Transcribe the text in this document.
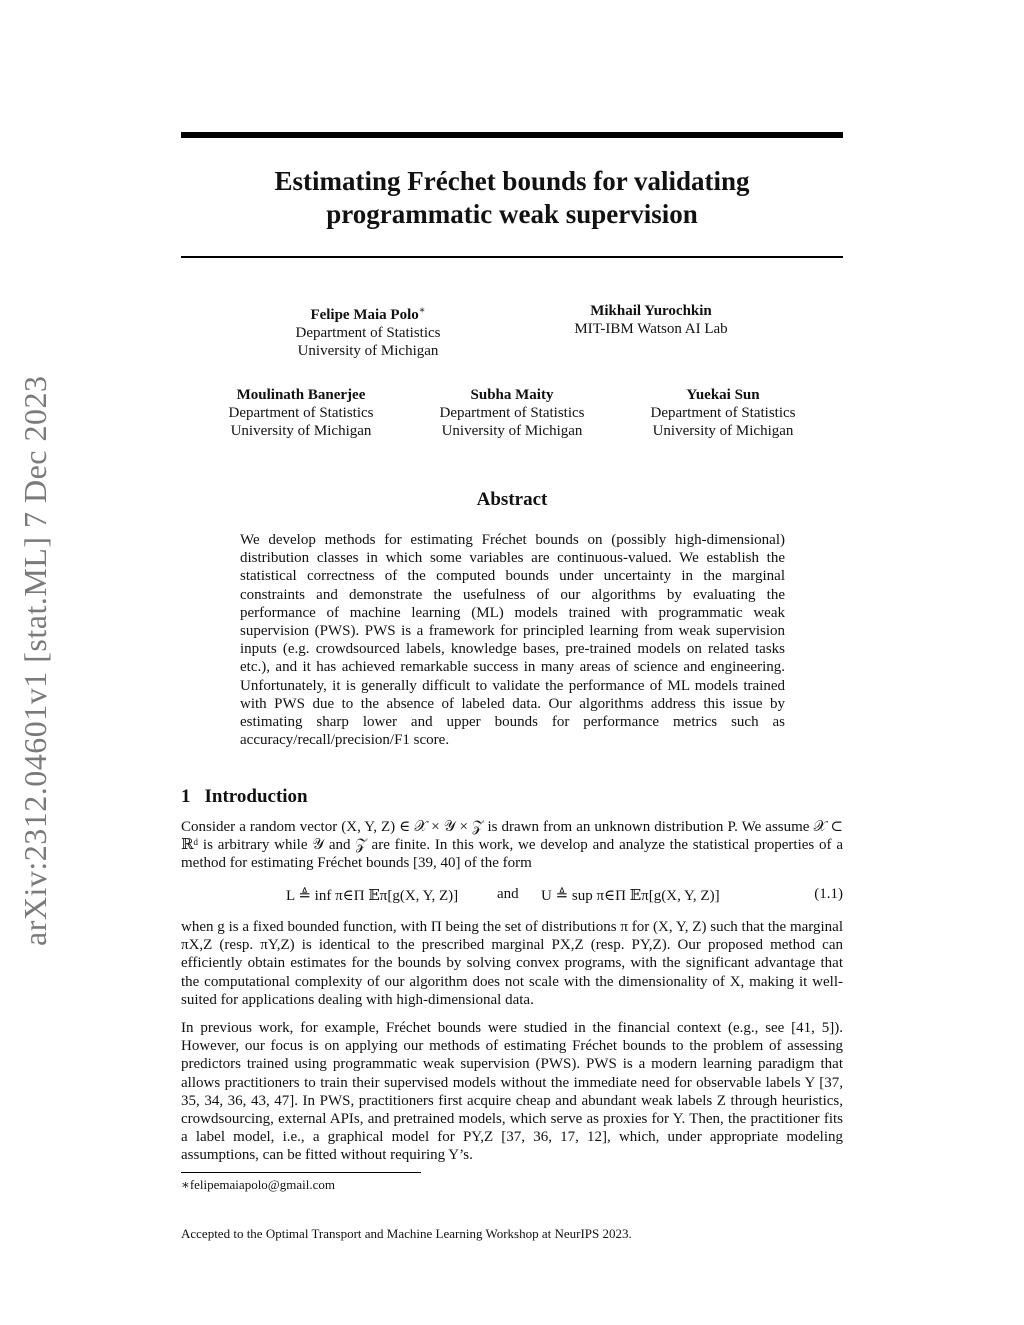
arXiv:2312.04601v1 [stat.ML] 7 Dec 2023
Estimating Fréchet bounds for validating
programmatic weak supervision
Felipe Maia Polo∗
Department of Statistics
University of Michigan
Mikhail Yurochkin
MIT-IBM Watson AI Lab
Moulinath Banerjee
Department of Statistics
University of Michigan
Subha Maity
Department of Statistics
University of Michigan
Yuekai Sun
Department of Statistics
University of Michigan
Abstract
We develop methods for estimating Fréchet bounds on (possibly high-dimensional) distribution classes in which some variables are continuous-valued. We establish the statistical correctness of the computed bounds under uncertainty in the marginal constraints and demonstrate the usefulness of our algorithms by evaluating the performance of machine learning (ML) models trained with programmatic weak supervision (PWS). PWS is a framework for principled learning from weak supervision inputs (e.g. crowdsourced labels, knowledge bases, pre-trained models on related tasks etc.), and it has achieved remarkable success in many areas of science and engineering. Unfortunately, it is generally difficult to validate the performance of ML models trained with PWS due to the absence of labeled data. Our algorithms address this issue by estimating sharp lower and upper bounds for performance metrics such as accuracy/recall/precision/F1 score.
1 Introduction
Consider a random vector (X, Y, Z) ∈ 𝒳 × 𝒴 × 𝒵 is drawn from an unknown distribution P. We assume 𝒳 ⊂ ℝᵈ is arbitrary while 𝒴 and 𝒵 are finite. In this work, we develop and analyze the statistical properties of a method for estimating Fréchet bounds [39, 40] of the form
L ≜ inf π∈Π 𝔼π[g(X, Y, Z)]	and U ≜ sup π∈Π 𝔼π[g(X, Y, Z)]	(1.1)
when g is a fixed bounded function, with Π being the set of distributions π for (X, Y, Z) such that the marginal πX,Z (resp. πY,Z) is identical to the prescribed marginal PX,Z (resp. PY,Z). Our proposed method can efficiently obtain estimates for the bounds by solving convex programs, with the significant advantage that the computational complexity of our algorithm does not scale with the dimensionality of X, making it well-suited for applications dealing with high-dimensional data.
In previous work, for example, Fréchet bounds were studied in the financial context (e.g., see [41, 5]). However, our focus is on applying our methods of estimating Fréchet bounds to the problem of assessing predictors trained using programmatic weak supervision (PWS). PWS is a modern learning paradigm that allows practitioners to train their supervised models without the immediate need for observable labels Y [37, 35, 34, 36, 43, 47]. In PWS, practitioners first acquire cheap and abundant weak labels Z through heuristics, crowdsourcing, external APIs, and pretrained models, which serve as proxies for Y. Then, the practitioner fits a label model, i.e., a graphical model for PY,Z [37, 36, 17, 12], which, under appropriate modeling assumptions, can be fitted without requiring Y’s.
∗felipemaiapolo@gmail.com
Accepted to the Optimal Transport and Machine Learning Workshop at NeurIPS 2023.
